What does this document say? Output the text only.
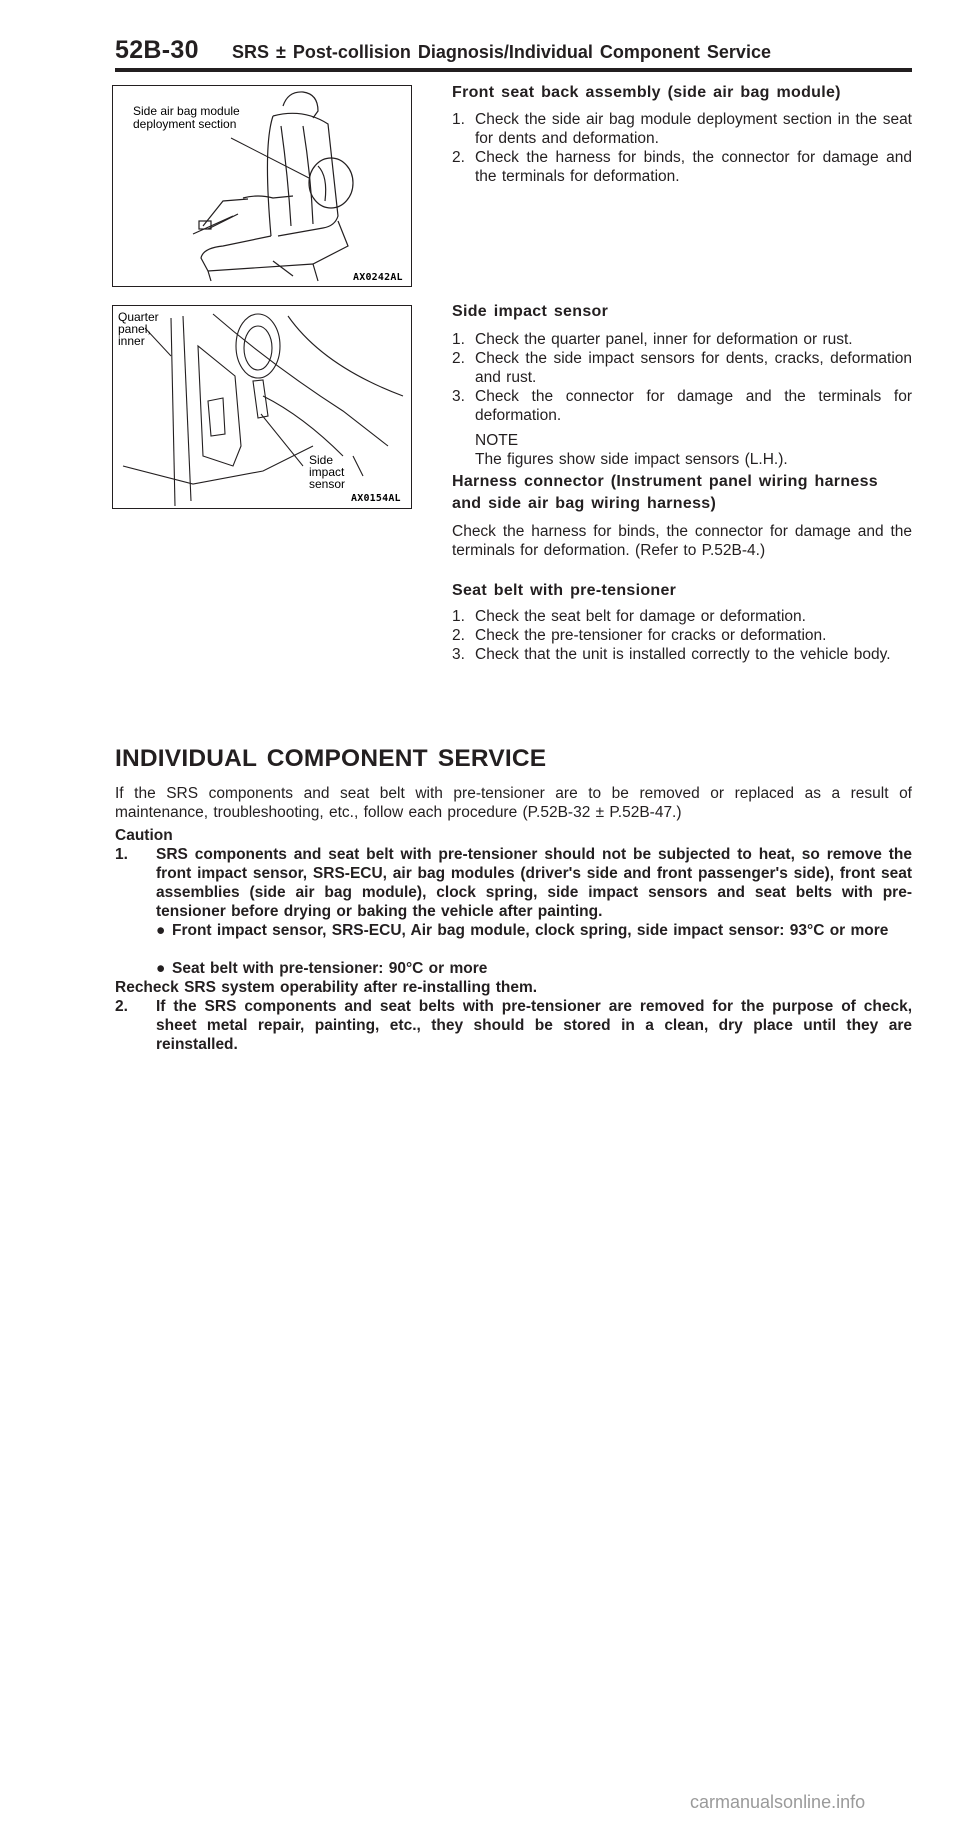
52B-30 SRS ± Post-collision Diagnosis/Individual Component Service
Side air bag module
deployment section
AX0242AL
Quarter
panel,
inner
Side
impact
sensor
AX0154AL
Front seat back assembly (side air bag module)
1. Check the side air bag module deployment section in the seat for dents and deformation.
2. Check the harness for binds, the connector for damage and the terminals for deformation.
Side impact sensor
1. Check the quarter panel, inner for deformation or rust.
2. Check the side impact sensors for dents, cracks, deformation and rust.
3. Check the connector for damage and the terminals for deformation.
NOTE
The figures show side impact sensors (L.H.).
Harness connector (Instrument panel wiring harness
and side air bag wiring harness)
Check the harness for binds, the connector for damage and the terminals for deformation. (Refer to P.52B-4.)
Seat belt with pre-tensioner
1. Check the seat belt for damage or deformation.
2. Check the pre-tensioner for cracks or deformation.
3. Check that the unit is installed correctly to the vehicle body.
INDIVIDUAL COMPONENT SERVICE
If the SRS components and seat belt with pre-tensioner are to be removed or replaced as a result of maintenance, troubleshooting, etc., follow each procedure (P.52B-32 ± P.52B-47.)
Caution
1.	SRS components and seat belt with pre-tensioner should not be subjected to heat, so remove the front impact sensor, SRS-ECU, air bag modules (driver's side and front passenger's side), front seat assemblies (side air bag module), clock spring, side impact sensors and seat belts with pre-tensioner before drying or baking the vehicle after painting.
● Front impact sensor, SRS-ECU, Air bag module, clock spring, side impact sensor: 93°C or more
● Seat belt with pre-tensioner: 90°C or more
Recheck SRS system operability after re-installing them.
2.	If the SRS components and seat belts with pre-tensioner are removed for the purpose of check, sheet metal repair, painting, etc., they should be stored in a clean, dry place until they are reinstalled.
carmanualsonline.info
